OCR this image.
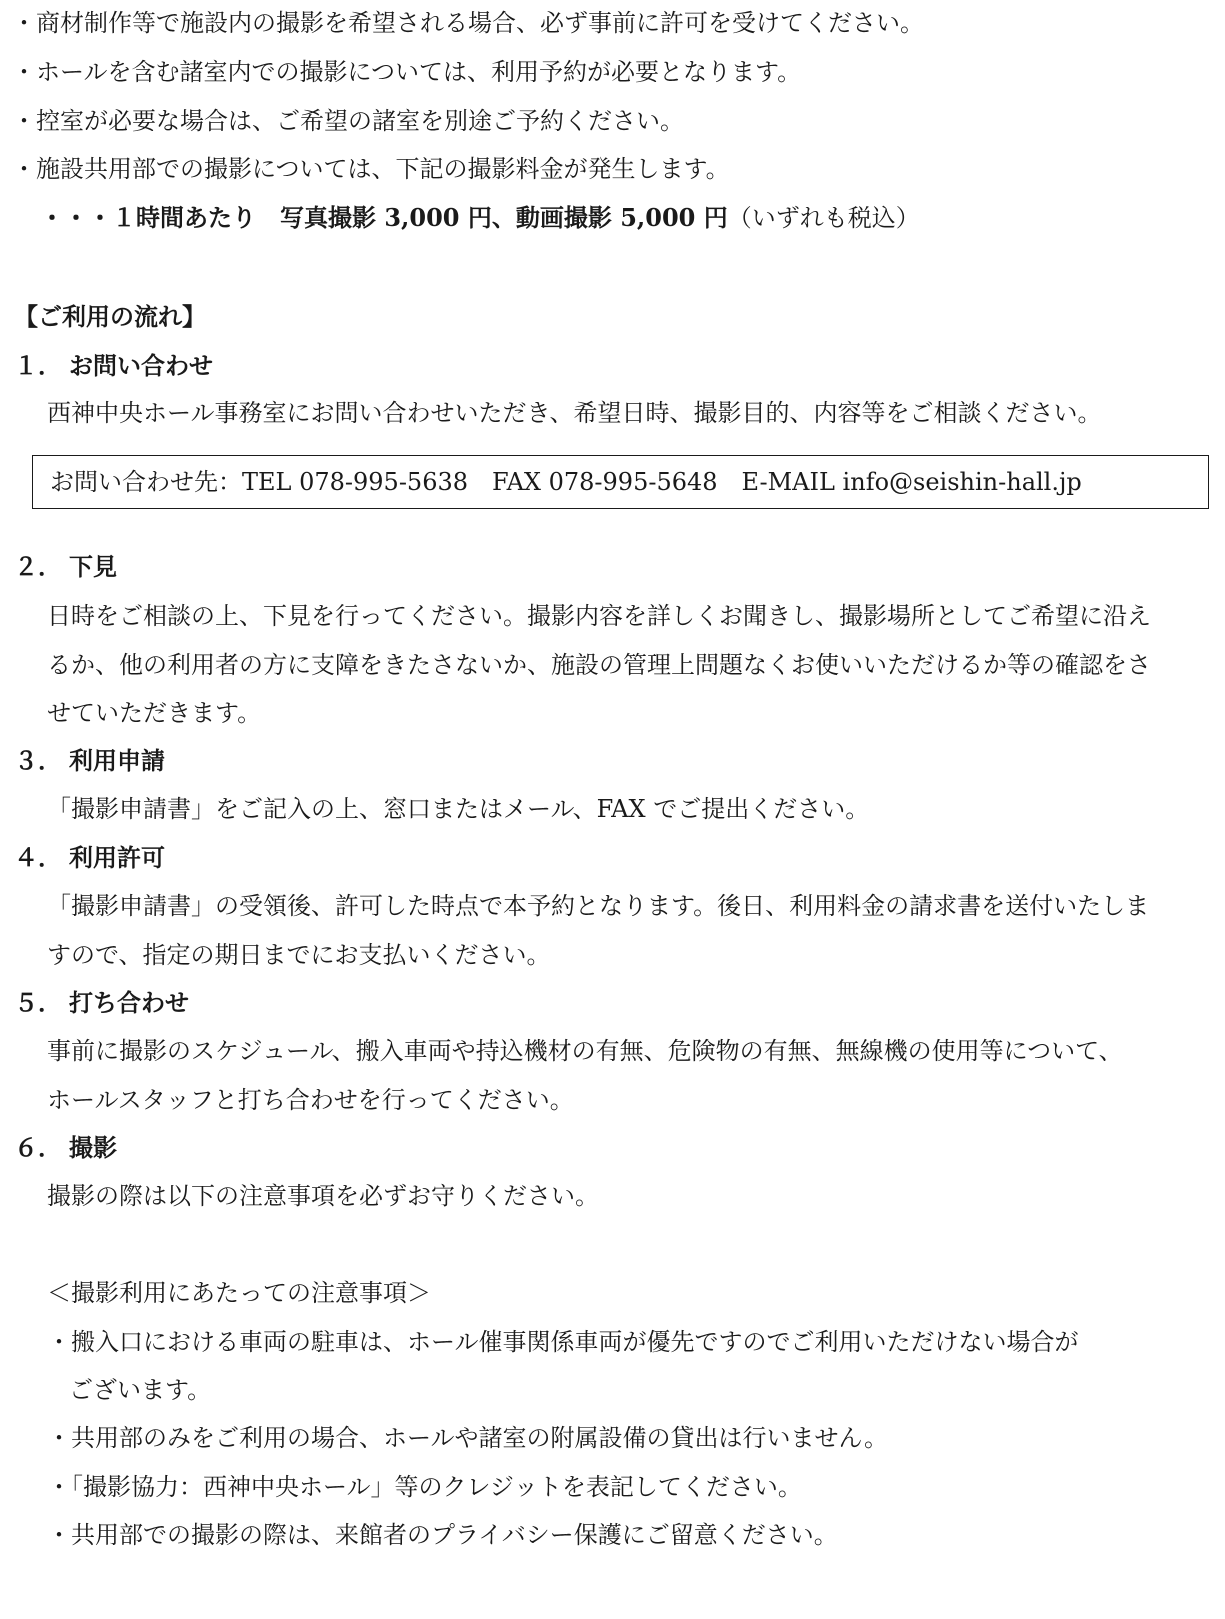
・商材制作等で施設内の撮影を希望される場合、必ず事前に許可を受けてください。

・ホールを含む諸室内での撮影については、利用予約が必要となります。

・控室が必要な場合は、ご希望の諸室を別途ご予約ください。

・施設共用部での撮影については、下記の撮影料金が発生します。

・・・１時間あたり　写真撮影 3,000 円、動画撮影 5,000 円（いずれも税込）

【ご利用の流れ】

１． お問い合わせ

西神中央ホール事務室にお問い合わせいただき、希望日時、撮影目的、内容等をご相談ください。

お問い合わせ先：TEL 078-995-5638　FAX 078-995-5648　E-MAIL info@seishin-hall.jp

２． 下見

日時をご相談の上、下見を行ってください。撮影内容を詳しくお聞きし、撮影場所としてご希望に沿え

るか、他の利用者の方に支障をきたさないか、施設の管理上問題なくお使いいただけるか等の確認をさ

せていただきます。

３． 利用申請

「撮影申請書」をご記入の上、窓口またはメール、FAX でご提出ください。

４． 利用許可

「撮影申請書」の受領後、許可した時点で本予約となります。後日、利用料金の請求書を送付いたしま

すので、指定の期日までにお支払いください。

５． 打ち合わせ

事前に撮影のスケジュール、搬入車両や持込機材の有無、危険物の有無、無線機の使用等について、

ホールスタッフと打ち合わせを行ってください。

６． 撮影

撮影の際は以下の注意事項を必ずお守りください。

＜撮影利用にあたっての注意事項＞

・搬入口における車両の駐車は、ホール催事関係車両が優先ですのでご利用いただけない場合が

ございます。

・共用部のみをご利用の場合、ホールや諸室の附属設備の貸出は行いません。

・「撮影協力：西神中央ホール」等のクレジットを表記してください。

・共用部での撮影の際は、来館者のプライバシー保護にご留意ください。
